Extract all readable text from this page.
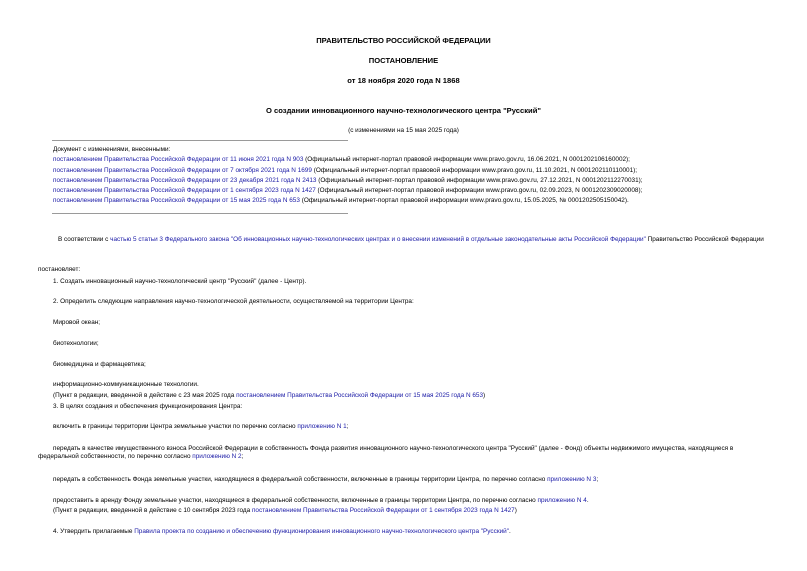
ПРАВИТЕЛЬСТВО РОССИЙСКОЙ ФЕДЕРАЦИИ
ПОСТАНОВЛЕНИЕ
от 18 ноября 2020 года N 1868
О создании инновационного научно-технологического центра "Русский"
(с изменениями на 15 мая 2025 года)
Документ с изменениями, внесенными:
постановлением Правительства Российской Федерации от 11 июня 2021 года N 903 (Официальный интернет-портал правовой информации www.pravo.gov.ru, 16.06.2021, N 0001202106160002);
постановлением Правительства Российской Федерации от 7 октября 2021 года N 1699 (Официальный интернет-портал правовой информации www.pravo.gov.ru, 11.10.2021, N 0001202110110001);
постановлением Правительства Российской Федерации от 23 декабря 2021 года N 2413 (Официальный интернет-портал правовой информации www.pravo.gov.ru, 27.12.2021, N 0001202112270031);
постановлением Правительства Российской Федерации от 1 сентября 2023 года N 1427 (Официальный интернет-портал правовой информации www.pravo.gov.ru, 02.09.2023, N 0001202309020008);
постановлением Правительства Российской Федерации от 15 мая 2025 года N 653 (Официальный интернет-портал правовой информации www.pravo.gov.ru, 15.05.2025, № 0001202505150042).
В соответствии с частью 5 статьи 3 Федерального закона "Об инновационных научно-технологических центрах и о внесении изменений в отдельные законодательные акты Российской Федерации" Правительство Российской Федерации
постановляет:
1. Создать инновационный научно-технологический центр "Русский" (далее - Центр).
2. Определить следующие направления научно-технологической деятельности, осуществляемой на территории Центра:
Мировой океан;
биотехнологии;
биомедицина и фармацевтика;
информационно-коммуникационные технологии.
(Пункт в редакции, введенной в действие с 23 мая 2025 года постановлением Правительства Российской Федерации от 15 мая 2025 года N 653)
3. В целях создания и обеспечения функционирования Центра:
включить в границы территории Центра земельные участки по перечню согласно приложению N 1;
передать в качестве имущественного взноса Российской Федерации в собственность Фонда развития инновационного научно-технологического центра "Русский" (далее - Фонд) объекты недвижимого имущества, находящиеся в федеральной собственности, по перечню согласно приложению N 2;
передать в собственность Фонда земельные участки, находящиеся в федеральной собственности, включенные в границы территории Центра, по перечню согласно приложению N 3;
предоставить в аренду Фонду земельные участки, находящиеся в федеральной собственности, включенные в границы территории Центра, по перечню согласно приложению N 4.
(Пункт в редакции, введенной в действие с 10 сентября 2023 года постановлением Правительства Российской Федерации от 1 сентября 2023 года N 1427)
4. Утвердить прилагаемые Правила проекта по созданию и обеспечению функционирования инновационного научно-технологического центра "Русский".
